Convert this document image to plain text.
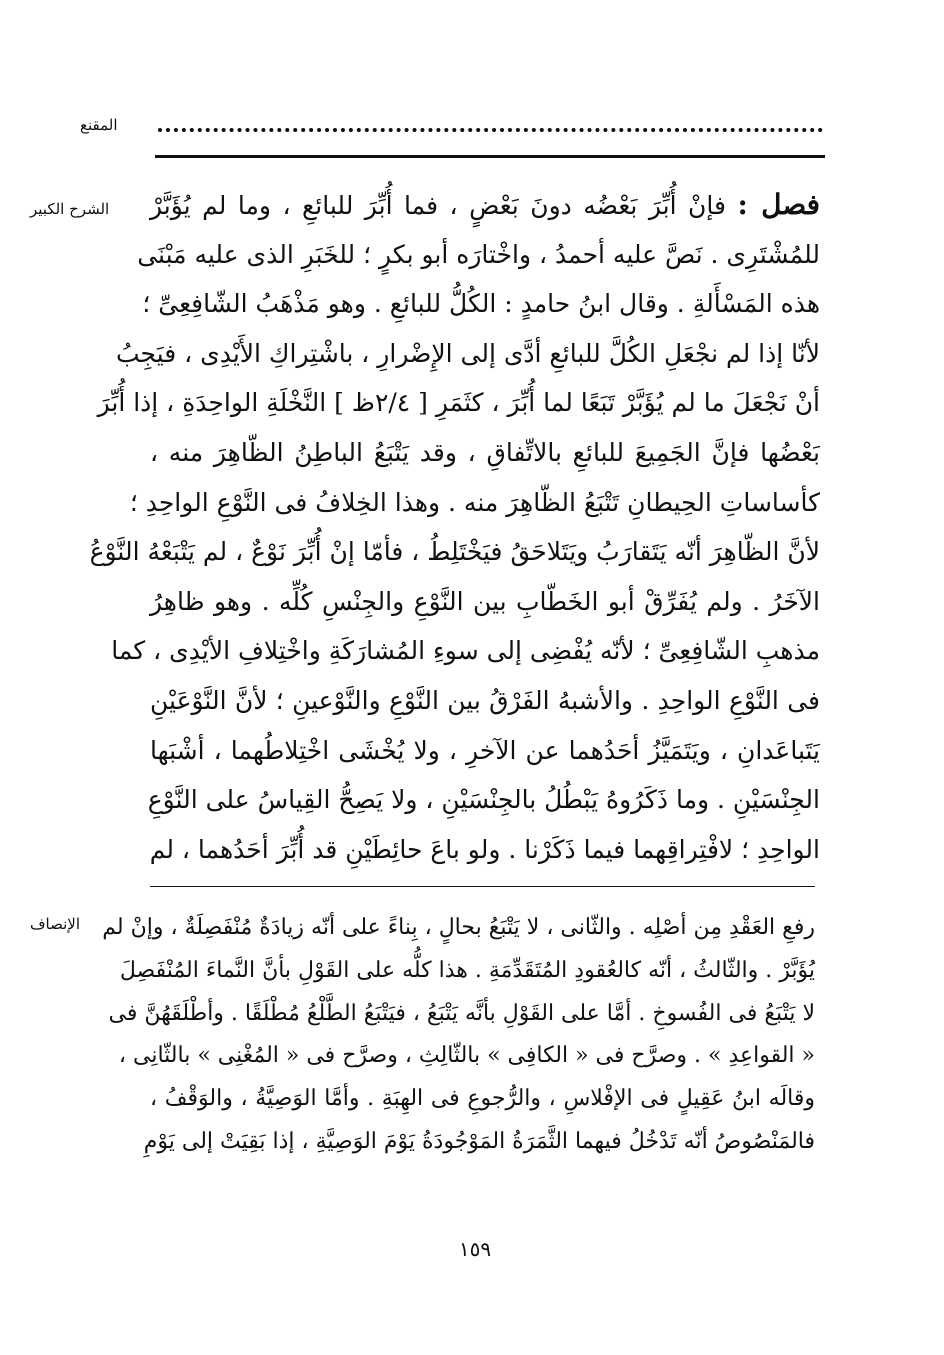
المقنع
الشرح الكبير	فصل : فإنْ أُبِّرَ بَعْضُه دونَ بَعْضٍ ، فما أُبِّرَ للبائعِ ، وما لم يُؤَبَّرْ
للمُشْتَرِى . نَصَّ عليه أحمدُ ، واخْتارَه أبو بكرٍ ؛ للخَبَرِ الذى عليه مَبْنَى
هذه المَسْأَلةِ . وقال ابنُ حامدٍ : الكُلُّ للبائعِ . وهو مَذْهَبُ الشّافِعِىِّ ؛
لأنّا إذا لم نجْعَلِ الكُلَّ للبائعِ أدَّى إلى الإِضْرارِ ، باشْتِراكِ الأَيْدِى ، فيَجِبُ
أنْ نَجْعَلَ ما لم يُؤَبَّرْ تَبَعًا لما أُبِّرَ ، كثَمَرِ [ ٢/٤ظ ] النَّخْلَةِ الواحِدَةِ ، إذا أُبِّرَ
بَعْضُها فإنَّ الجَمِيعَ للبائعِ بالاتِّفاقِ ، وقد يَتْبَعُ الباطِنُ الظّاهِرَ منه ،
كأساساتِ الحِيطانِ تَتْبَعُ الظّاهِرَ منه . وهذا الخِلافُ فى النَّوْعِ الواحِدِ ؛
لأنَّ الظّاهِرَ أنّه يَتَقارَبُ ويَتَلاحَقُ فيَخْتَلِطُ ، فأمّا إنْ أُبِّرَ نَوْعٌ ، لم يَتْبَعْهُ النَّوْعُ
الآخَرُ . ولم يُفَرِّقْ أبو الخَطّابِ بين النَّوْعِ والجِنْسِ كُلِّه . وهو ظاهِرُ
مذهبِ الشّافِعِىِّ ؛ لأنّه يُفْضِى إلى سوءِ المُشارَكَةِ واخْتِلافِ الأيْدِى ، كما
فى النَّوْعِ الواحِدِ . والأشبهُ الفَرْقُ بين النَّوْعِ والنَّوْعينِ ؛ لأنَّ النَّوْعَيْنِ
يَتَباعَدانِ ، ويَتَمَيَّزُ أحَدُهما عن الآخرِ ، ولا يُخْشَى اخْتِلاطُهما ، أشْبَها
الجِنْسَيْنِ . وما ذَكَرُوهُ يَبْطُلُ بالجِنْسَيْنِ ، ولا يَصِحُّ القِياسُ على النَّوْعِ
الواحِدِ ؛ لافْتِراقِهما فيما ذَكَرْنا . ولو باعَ حائِطَيْنِ قد أُبِّرَ أحَدُهما ، لم
الإنصاف	رفعِ العَقْدِ مِن أصْلِه . والثّانى ، لا يَتْبَعُ بحالٍ ، بِناءً على أنّه زيادَةٌ مُنْفَصِلَةٌ ، وإنْ لم
يُؤَبَّرْ . والثّالثُ ، أنّه كالعُقودِ المُتَقَدِّمَةِ . هذا كلُّه على القَوْلِ بأنَّ النَّماءَ المُنْفَصِلَ
لا يَتْبَعُ فى الفُسوخِ . أمَّا على القَوْلِ بأنَّه يَتْبَعُ ، فيَتْبَعُ الطَّلْعُ مُطْلَقًا . وأطْلَقَهُنَّ فى
« القواعِدِ » . وصرَّح فى « الكافِى » بالثّالِثِ ، وصرَّح فى « المُغْنِى » بالثّانِى ،
وقالَه ابنُ عَقِيلٍ فى الإفْلاسِ ، والرُّجوعِ فى الهِبَةِ . وأمَّا الوَصِيَّةُ ، والوَقْفُ ،
فالمَنْصُوصُ أنّه تَدْخُلُ فيهما الثَّمَرَةُ المَوْجُودَةُ يَوْمَ الوَصِيَّةِ ، إذا بَقِيَتْ إلى يَوْمِ
١٥٩
